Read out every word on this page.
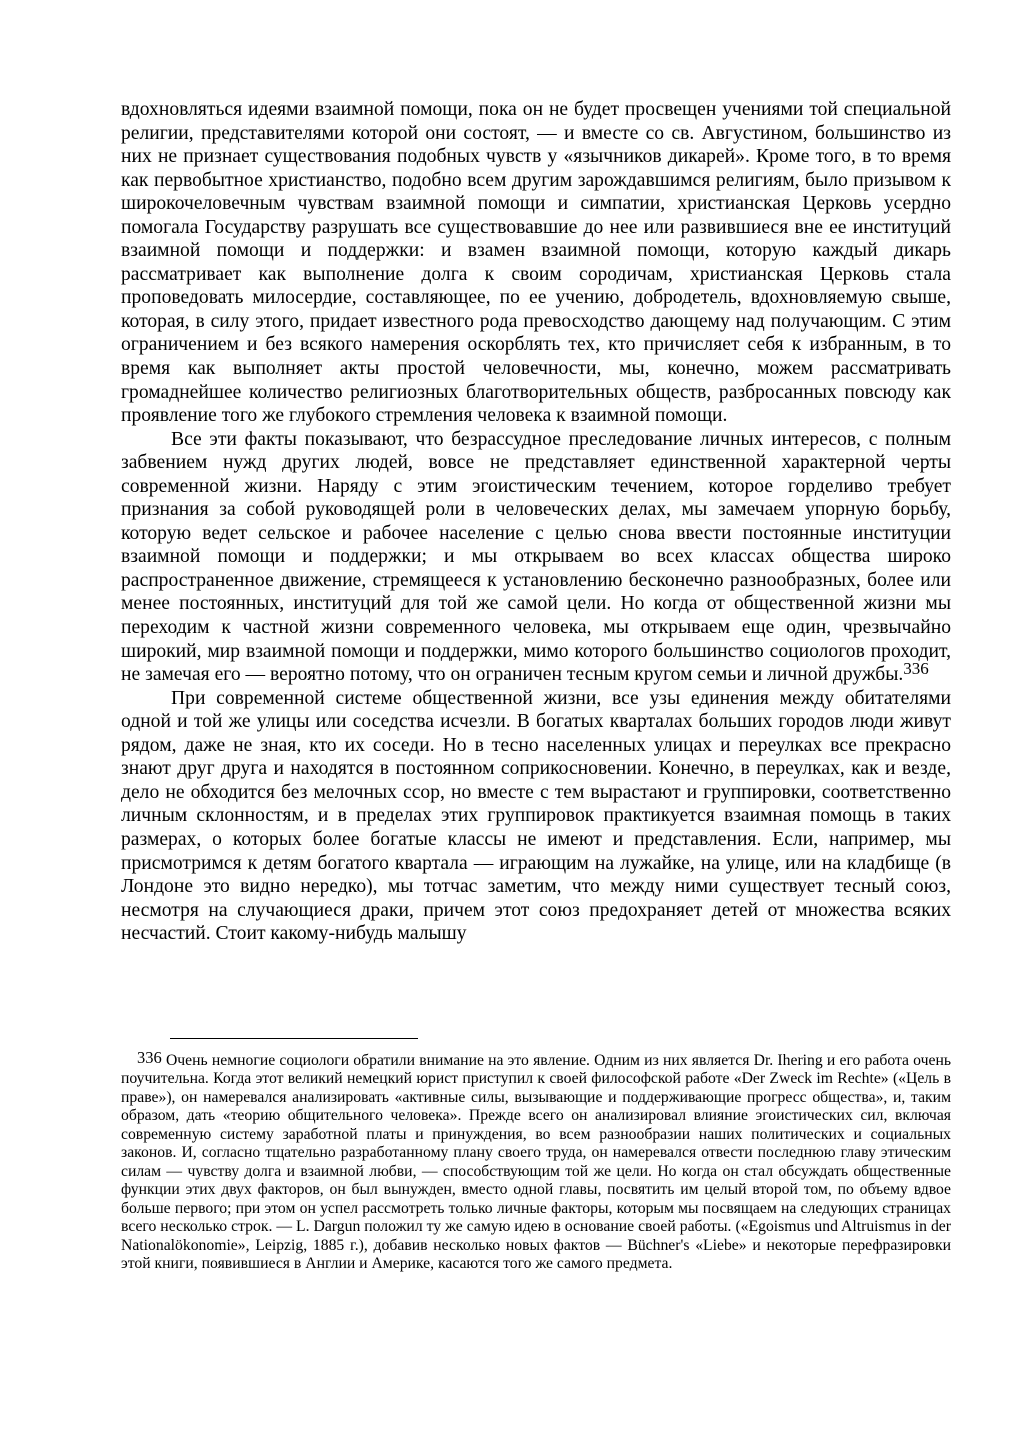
вдохновляться идеями взаимной помощи, пока он не будет просвещен учениями той специальной религии, представителями которой они состоят, — и вместе со св. Августином, большинство из них не признает существования подобных чувств у «язычников дикарей». Кроме того, в то время как первобытное христианство, подобно всем другим зарождавшимся религиям, было призывом к широкочеловечным чувствам взаимной помощи и симпатии, христианская Церковь усердно помогала Государству разрушать все существовавшие до нее или развившиеся вне ее институций взаимной помощи и поддержки: и взамен взаимной помощи, которую каждый дикарь рассматривает как выполнение долга к своим сородичам, христианская Церковь стала проповедовать милосердие, составляющее, по ее учению, добродетель, вдохновляемую свыше, которая, в силу этого, придает известного рода превосходство дающему над получающим. С этим ограничением и без всякого намерения оскорблять тех, кто причисляет себя к избранным, в то время как выполняет акты простой человечности, мы, конечно, можем рассматривать громаднейшее количество религиозных благотворительных обществ, разбросанных повсюду как проявление того же глубокого стремления человека к взаимной помощи.

Все эти факты показывают, что безрассудное преследование личных интересов, с полным забвением нужд других людей, вовсе не представляет единственной характерной черты современной жизни. Наряду с этим эгоистическим течением, которое горделиво требует признания за собой руководящей роли в человеческих делах, мы замечаем упорную борьбу, которую ведет сельское и рабочее население с целью снова ввести постоянные институции взаимной помощи и поддержки; и мы открываем во всех классах общества широко распространенное движение, стремящееся к установлению бесконечно разнообразных, более или менее постоянных, институций для той же самой цели. Но когда от общественной жизни мы переходим к частной жизни современного человека, мы открываем еще один, чрезвычайно широкий, мир взаимной помощи и поддержки, мимо которого большинство социологов проходит, не замечая его — вероятно потому, что он ограничен тесным кругом семьи и личной дружбы.$^{336}$

При современной системе общественной жизни, все узы единения между обитателями одной и той же улицы или соседства исчезли. В богатых кварталах больших городов люди живут рядом, даже не зная, кто их соседи. Но в тесно населенных улицах и переулках все прекрасно знают друг друга и находятся в постоянном соприкосновении. Конечно, в переулках, как и везде, дело не обходится без мелочных ссор, но вместе с тем вырастают и группировки, соответственно личным склонностям, и в пределах этих группировок практикуется взаимная помощь в таких размерах, о которых более богатые классы не имеют и представления. Если, например, мы присмотримся к детям богатого квартала — играющим на лужайке, на улице, или на кладбище (в Лондоне это видно нередко), мы тотчас заметим, что между ними существует тесный союз, несмотря на случающиеся драки, причем этот союз предохраняет детей от множества всяких несчастий. Стоит какому-нибудь малышу

336 Очень немногие социологи обратили внимание на это явление. Одним из них является Dr. Ihering и его работа очень поучительна. Когда этот великий немецкий юрист приступил к своей философской работе «Der Zweck im Rechte» («Цель в праве»), он намеревался анализировать «активные силы, вызывающие и поддерживающие прогресс общества», и, таким образом, дать «теорию общительного человека». Прежде всего он анализировал влияние эгоистических сил, включая современную систему заработной платы и принуждения, во всем разнообразии наших политических и социальных законов. И, согласно тщательно разработанному плану своего труда, он намеревался отвести последнюю главу этическим силам — чувству долга и взаимной любви, — способствующим той же цели. Но когда он стал обсуждать общественные функции этих двух факторов, он был вынужден, вместо одной главы, посвятить им целый второй том, по объему вдвое больше первого; при этом он успел рассмотреть только личные факторы, которым мы посвящаем на следующих страницах всего несколько строк. — L. Dargun положил ту же самую идею в основание своей работы. («Egoismus und Altruismus in der Nationalökonomie», Leipzig, 1885 г.), добавив несколько новых фактов — Büchner's «Liebe» и некоторые перефразировки этой книги, появившиеся в Англии и Америке, касаются того же самого предмета.
